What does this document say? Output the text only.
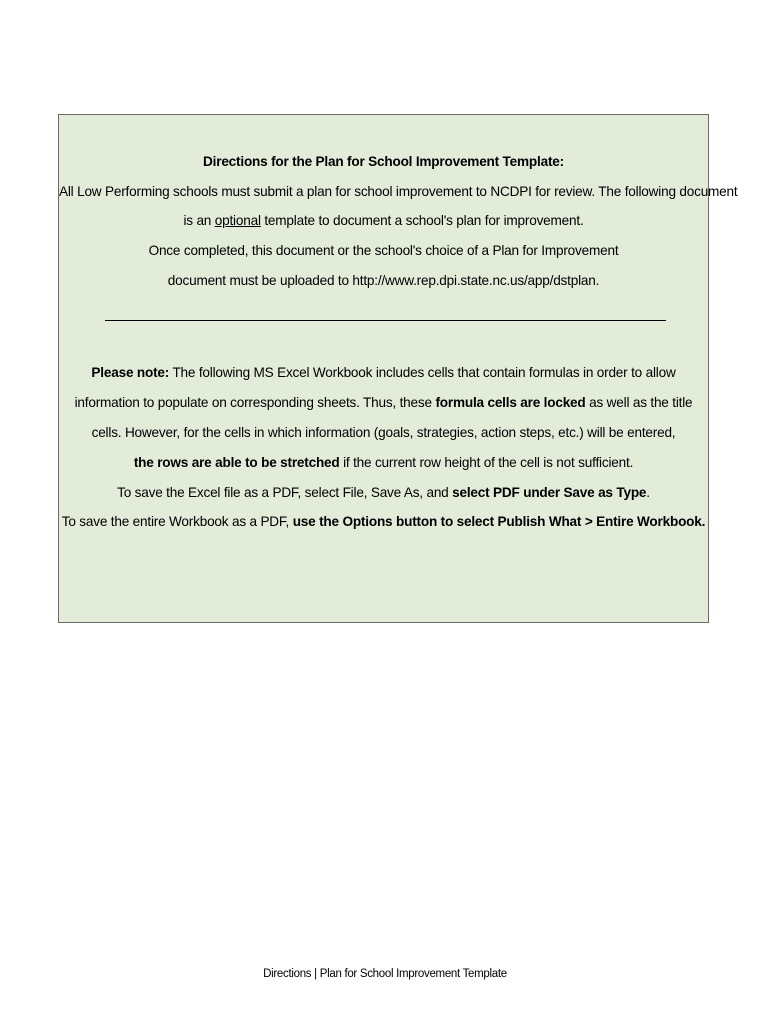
Directions for the Plan for School Improvement Template:
All Low Performing schools must submit a plan for school improvement to NCDPI for review. The following document
is an optional template to document a school's plan for improvement.
Once completed, this document or the school's choice of a Plan for Improvement
document must be uploaded to http://www.rep.dpi.state.nc.us/app/dstplan.
Please note: The following MS Excel Workbook includes cells that contain formulas in order to allow
information to populate on corresponding sheets. Thus, these formula cells are locked as well as the title
cells. However, for the cells in which information (goals, strategies, action steps, etc.) will be entered,
the rows are able to be stretched if the current row height of the cell is not sufficient.
To save the Excel file as a PDF, select File, Save As, and select PDF under Save as Type.
To save the entire Workbook as a PDF, use the Options button to select Publish What > Entire Workbook.
Directions | Plan for School Improvement Template
